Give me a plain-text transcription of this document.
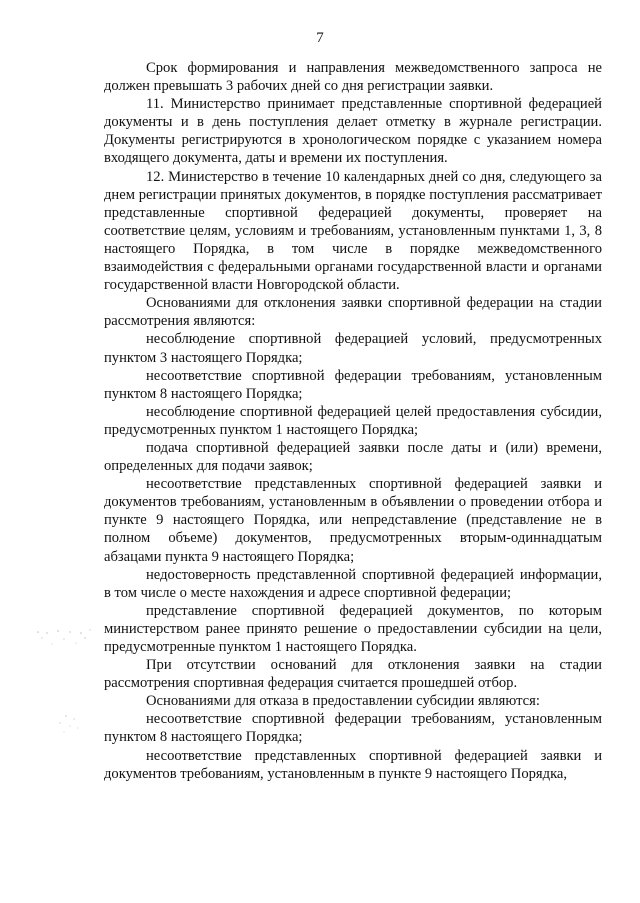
7

Срок формирования и направления межведомственного запроса не должен превышать 3 рабочих дней со дня регистрации заявки.

11. Министерство принимает представленные спортивной федерацией документы и в день поступления делает отметку в журнале регистрации. Документы регистрируются в хронологическом порядке с указанием номера входящего документа, даты и времени их поступления.

12. Министерство в течение 10 календарных дней со дня, следующего за днем регистрации принятых документов, в порядке поступления рассматривает представленные спортивной федерацией документы, проверяет на соответствие целям, условиям и требованиям, установленным пунктами 1, 3, 8 настоящего Порядка, в том числе в порядке межведомственного взаимодействия с федеральными органами государственной власти и органами государственной власти Новгородской области.

Основаниями для отклонения заявки спортивной федерации на стадии рассмотрения являются:

несоблюдение спортивной федерацией условий, предусмотренных пунктом 3 настоящего Порядка;

несоответствие спортивной федерации требованиям, установленным пунктом 8 настоящего Порядка;

несоблюдение спортивной федерацией целей предоставления субсидии, предусмотренных пунктом 1 настоящего Порядка;

подача спортивной федерацией заявки после даты и (или) времени, определенных для подачи заявок;

несоответствие представленных спортивной федерацией заявки и документов требованиям, установленным в объявлении о проведении отбора и пункте 9 настоящего Порядка, или непредставление (представление не в полном объеме) документов, предусмотренных вторым-одиннадцатым абзацами пункта 9 настоящего Порядка;

недостоверность представленной спортивной федерацией информации, в том числе о месте нахождения и адресе спортивной федерации;

представление спортивной федерацией документов, по которым министерством ранее принято решение о предоставлении субсидии на цели, предусмотренные пунктом 1 настоящего Порядка.

При отсутствии оснований для отклонения заявки на стадии рассмотрения спортивная федерация считается прошедшей отбор.

Основаниями для отказа в предоставлении субсидии являются:

несоответствие спортивной федерации требованиям, установленным пунктом 8 настоящего Порядка;

несоответствие представленных спортивной федерацией заявки и документов требованиям, установленным в пункте 9 настоящего Порядка,
